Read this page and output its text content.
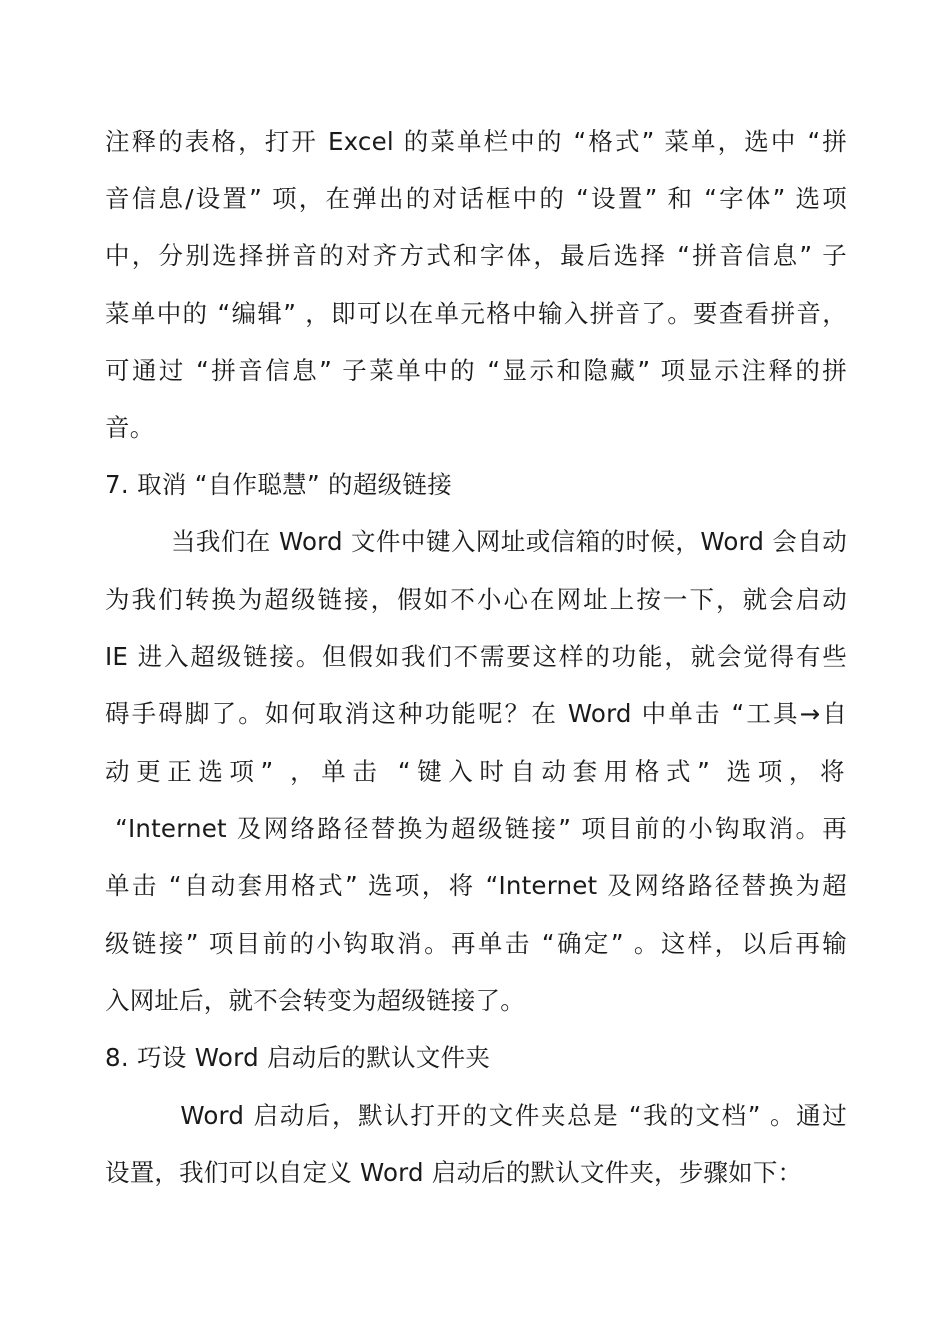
注释的表格，打开 Excel 的菜单栏中的 “格式” 菜单，选中 “拼
音信息/设置” 项，在弹出的对话框中的 “设置” 和 “字体” 选项
中，分别选择拼音的对齐方式和字体，最后选择 “拼音信息” 子
菜单中的 “编辑” ，即可以在单元格中输入拼音了。要查看拼音，
可通过 “拼音信息” 子菜单中的 “显示和隐藏” 项显示注释的拼
音。
7. 取消 “自作聪慧” 的超级链接
当我们在 Word 文件中键入网址或信箱的时候，Word 会自动
为我们转换为超级链接，假如不小心在网址上按一下，就会启动
IE 进入超级链接。但假如我们不需要这样的功能，就会觉得有些
碍手碍脚了。如何取消这种功能呢？在 Word 中单击 “工具→自
动更正选项” ，单击 “键入时自动套用格式” 选项，将
“Internet 及网络路径替换为超级链接” 项目前的小钩取消。再
单击 “自动套用格式” 选项，将 “Internet 及网络路径替换为超
级链接” 项目前的小钩取消。再单击 “确定” 。这样，以后再输
入网址后，就不会转变为超级链接了。
8. 巧设 Word 启动后的默认文件夹
Word 启动后，默认打开的文件夹总是 “我的文档” 。通过
设置，我们可以自定义 Word 启动后的默认文件夹，步骤如下：
